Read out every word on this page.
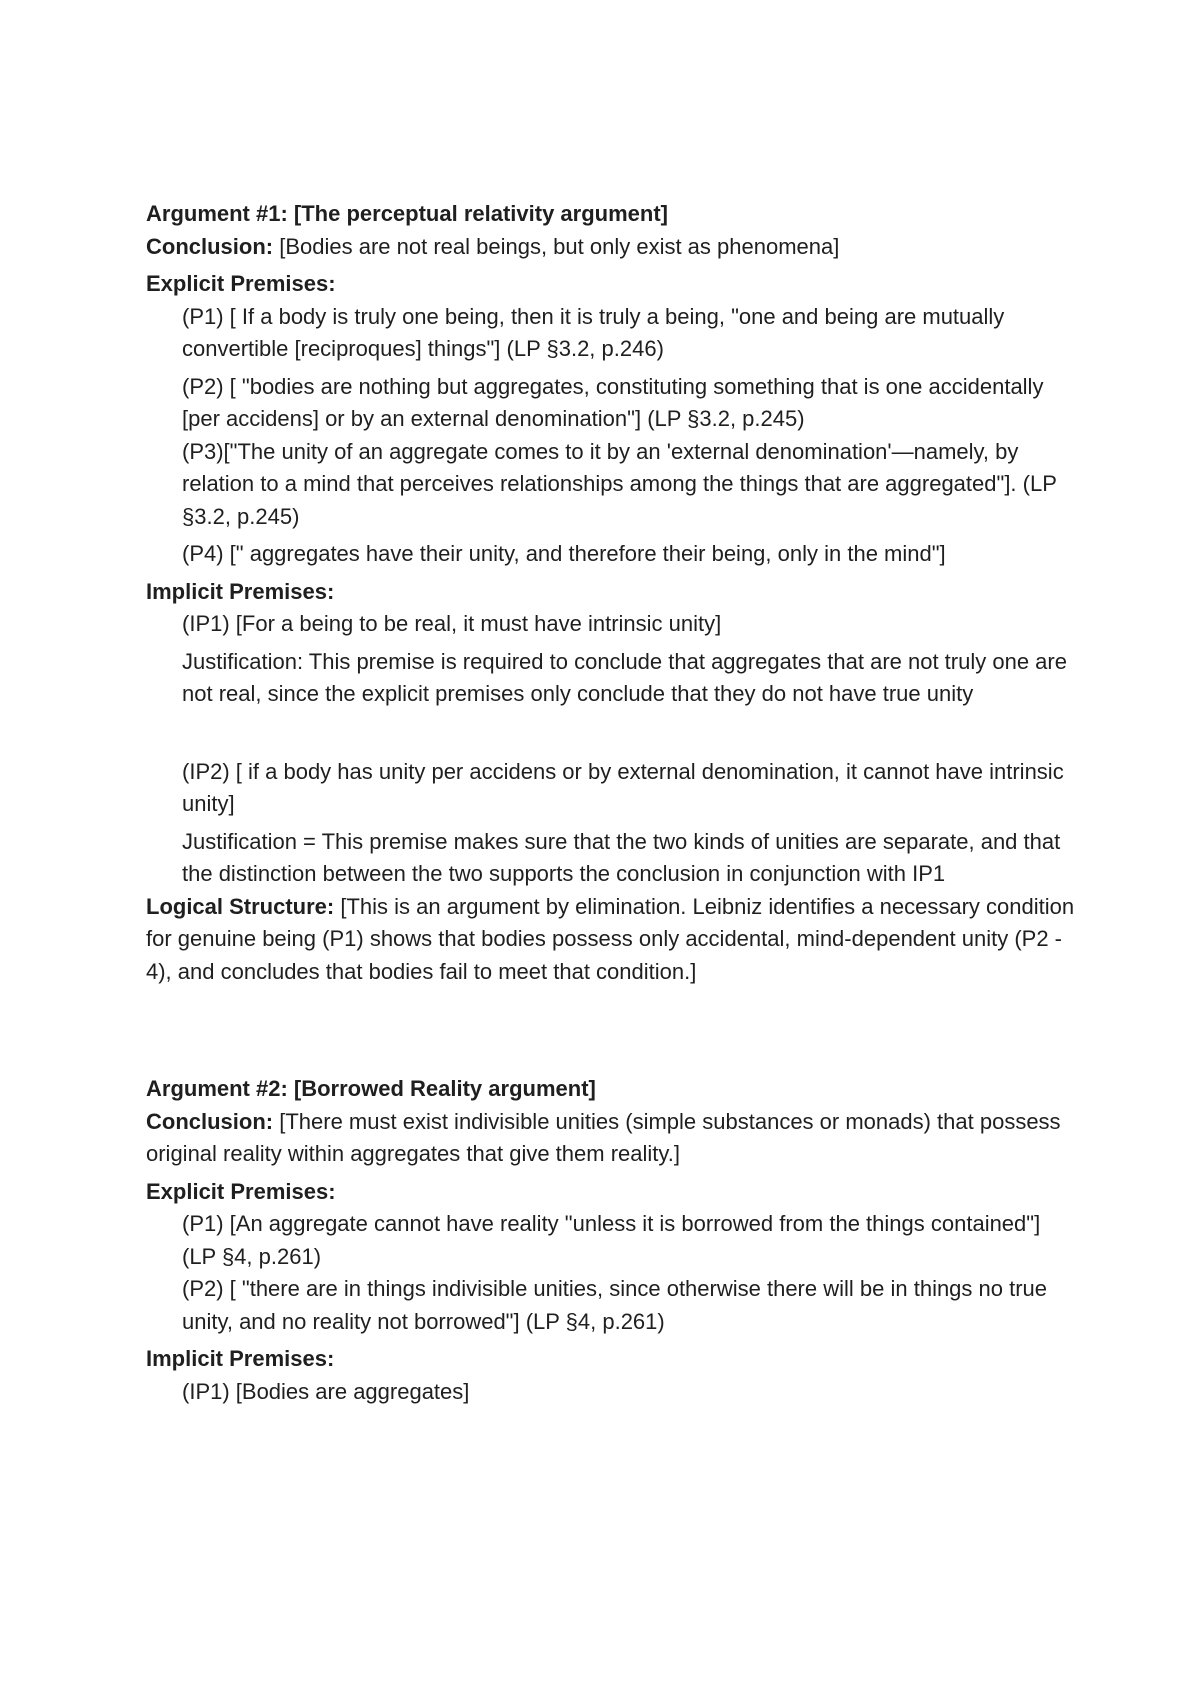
Argument #1: [The perceptual relativity argument]

Conclusion: [Bodies are not real beings, but only exist as phenomena]

Explicit Premises:

(P1) [ If a body is truly one being, then it is truly a being, "one and being are mutually convertible [reciproques] things"] (LP §3.2, p.246)

(P2) [ "bodies are nothing but aggregates, constituting something that is one accidentally [per accidens] or by an external denomination"] (LP §3.2, p.245)

(P3)["The unity of an aggregate comes to it by an 'external denomination'—namely, by relation to a mind that perceives relationships among the things that are aggregated"]. (LP §3.2, p.245)

(P4) [" aggregates have their unity, and therefore their being, only in the mind"]

Implicit Premises:

(IP1) [For a being to be real, it must have intrinsic unity]

Justification: This premise is required to conclude that aggregates that are not truly one are not real, since the explicit premises only conclude that they do not have true unity

(IP2) [ if a body has unity per accidens or by external denomination, it cannot have intrinsic unity]

Justification = This premise makes sure that the two kinds of unities are separate, and that the distinction between the two supports the conclusion in conjunction with IP1

Logical Structure: [This is an argument by elimination. Leibniz identifies a necessary condition for genuine being (P1) shows that bodies possess only accidental, mind-dependent unity (P2 - 4), and concludes that bodies fail to meet that condition.]

Argument #2: [Borrowed Reality argument]

Conclusion: [There must exist indivisible unities (simple substances or monads) that possess original reality within aggregates that give them reality.]

Explicit Premises:

(P1) [An aggregate cannot have reality "unless it is borrowed from the things contained"] (LP §4, p.261)

(P2) [ "there are in things indivisible unities, since otherwise there will be in things no true unity, and no reality not borrowed"] (LP §4, p.261)

Implicit Premises:

(IP1) [Bodies are aggregates]
